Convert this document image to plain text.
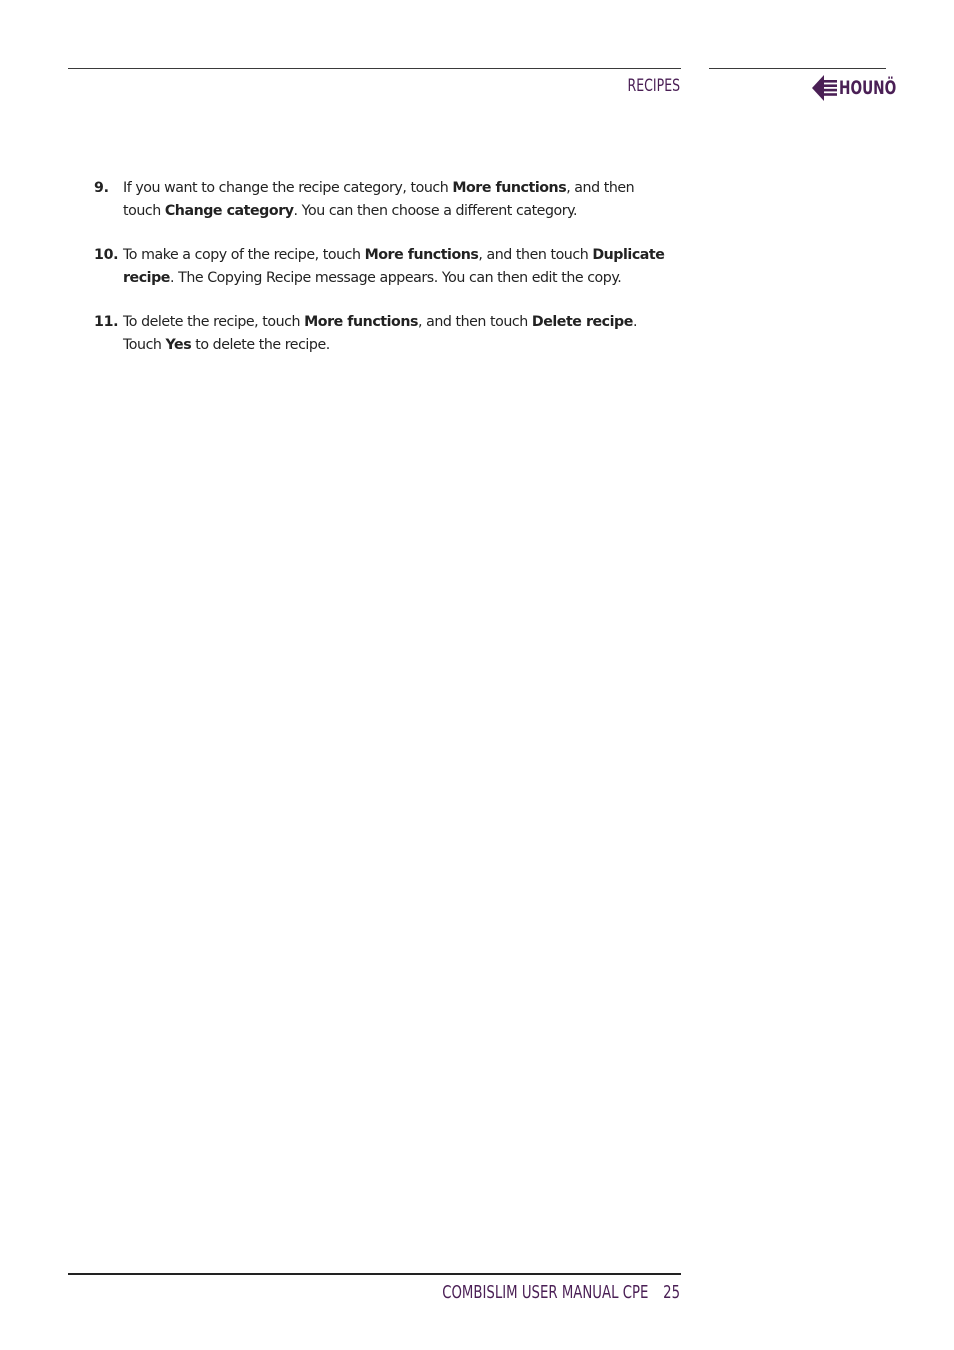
RECIPES	HOUNÖ
9. If you want to change the recipe category, touch More functions, and then touch Change category. You can then choose a different category.
10. To make a copy of the recipe, touch More functions, and then touch Duplicate recipe. The Copying Recipe message appears. You can then edit the copy.
11. To delete the recipe, touch More functions, and then touch Delete recipe. Touch Yes to delete the recipe.
COMBISLIM USER MANUAL CPE 25
